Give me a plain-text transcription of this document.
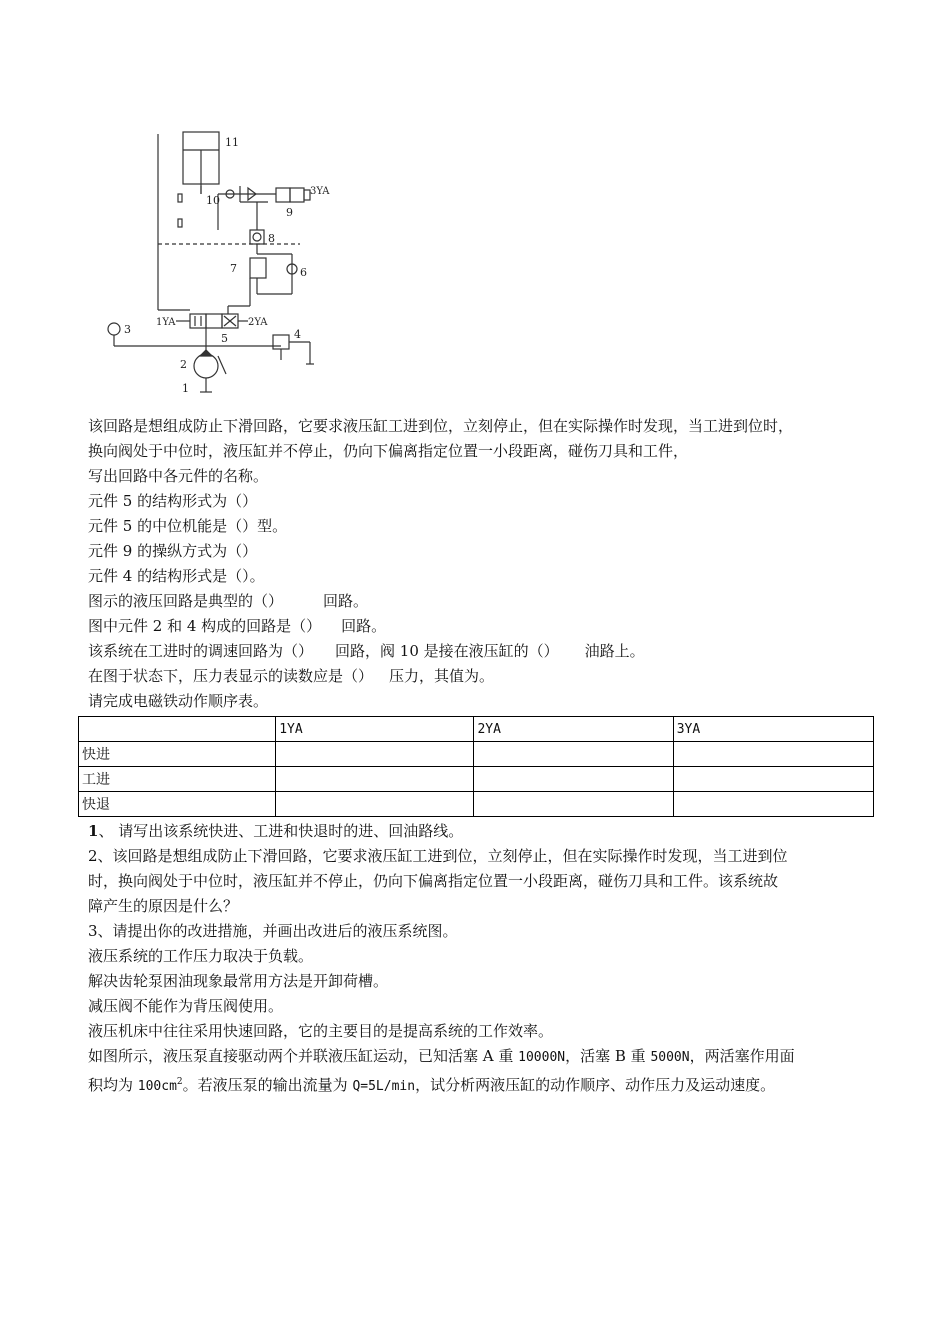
11
10
9
3YA
8
7	6
1YA	2YA
4
5
3
2
1
该回路是想组成防止下滑回路，它要求液压缸工进到位，立刻停止，但在实际操作时发现，当工进到位时，
换向阀处于中位时，液压缸并不停止，仍向下偏离指定位置一小段距离，碰伤刀具和工件，
写出回路中各元件的名称。
元件 5 的结构形式为（）
元件 5 的中位机能是（）型。
元件 9 的操纵方式为（）
元件 4 的结构形式是（）。
图示的液压回路是典型的（）	回路。
图中元件 2 和 4 构成的回路是（） 回路。
该系统在工进时的调速回路为（） 回路，阀 10 是接在液压缸的（） 油路上。
在图于状态下，压力表显示的读数应是（） 压力，其值为。
请完成电磁铁动作顺序表。
	1YA	2YA	3YA
快进			
工进			
快退			
1、 请写出该系统快进、工进和快退时的进、回油路线。
2、该回路是想组成防止下滑回路，它要求液压缸工进到位，立刻停止，但在实际操作时发现，当工进到位
时，换向阀处于中位时，液压缸并不停止，仍向下偏离指定位置一小段距离，碰伤刀具和工件。该系统故
障产生的原因是什么？
3、请提出你的改进措施，并画出改进后的液压系统图。
液压系统的工作压力取决于负载。
解决齿轮泵困油现象最常用方法是开卸荷槽。
减压阀不能作为背压阀使用。
液压机床中往往采用快速回路，它的主要目的是提高系统的工作效率。
如图所示，液压泵直接驱动两个并联液压缸运动，已知活塞 A 重 10000N，活塞 B 重 5000N，两活塞作用面
积均为 $100cm^2$。若液压泵的输出流量为 Q=5L/min，试分析两液压缸的动作顺序、动作压力及运动速度。
